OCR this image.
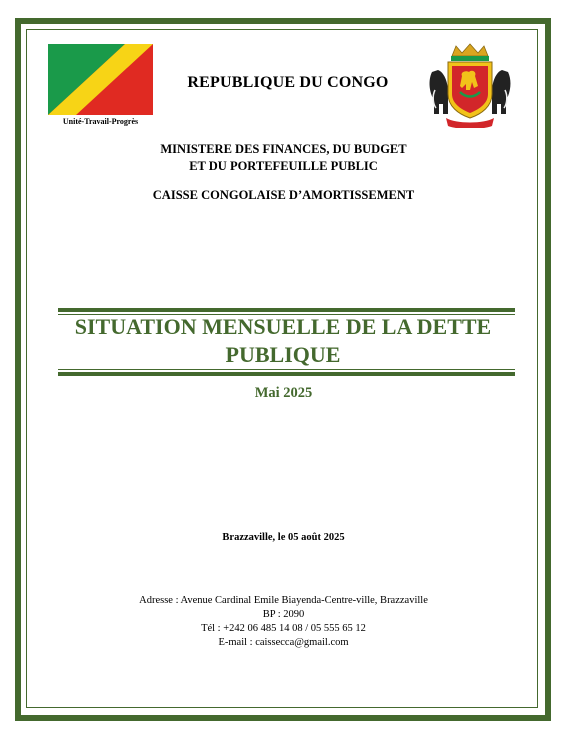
Unité-Travail-Progrès
REPUBLIQUE DU CONGO
MINISTERE DES FINANCES, DU BUDGET
ET DU PORTEFEUILLE PUBLIC
CAISSE CONGOLAISE D’AMORTISSEMENT
SITUATION MENSUELLE DE LA DETTE
PUBLIQUE
Mai 2025
Brazzaville, le 05 août 2025
Adresse : Avenue Cardinal Emile Biayenda-Centre-ville, Brazzaville
BP : 2090
Tél : +242 06 485 14 08 / 05 555 65 12
E-mail : caissecca@gmail.com
